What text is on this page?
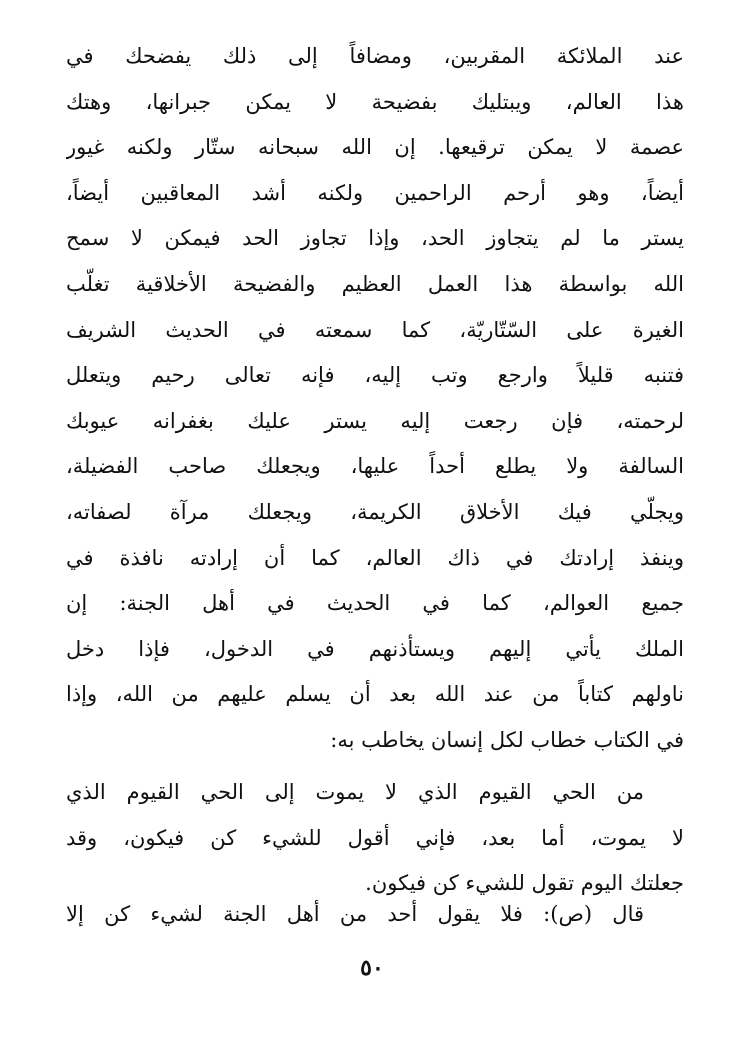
عند الملائكة المقربين، ومضافاً إلى ذلك يفضحك في
هذا العالم، ويبتليك بفضيحة لا يمكن جبرانها، وهتك
عصمة لا يمكن ترقيعها. إن الله سبحانه ستّار ولكنه غيور
أيضاً، وهو أرحم الراحمين ولكنه أشد المعاقبين أيضاً،
يستر ما لم يتجاوز الحد، وإذا تجاوز الحد فيمكن لا سمح
الله بواسطة هذا العمل العظيم والفضيحة الأخلاقية تغلّب
الغيرة على السّتّاريّة، كما سمعته في الحديث الشريف
فتنبه قليلاً وارجع وتب إليه، فإنه تعالى رحيم ويتعلل
لرحمته، فإن رجعت إليه يستر عليك بغفرانه عيوبك
السالفة ولا يطلع أحداً عليها، ويجعلك صاحب الفضيلة،
ويجلّي فيك الأخلاق الكريمة، ويجعلك مرآة لصفاته،
وينفذ إرادتك في ذاك العالم، كما أن إرادته نافذة في
جميع العوالم، كما في الحديث في أهل الجنة: إن
الملك يأتي إليهم ويستأذنهم في الدخول، فإذا دخل
ناولهم كتاباً من عند الله بعد أن يسلم عليهم من الله، وإذا
في الكتاب خطاب لكل إنسان يخاطب به:
من الحي القيوم الذي لا يموت إلى الحي القيوم الذي
لا يموت، أما بعد، فإني أقول للشيء كن فيكون، وقد
جعلتك اليوم تقول للشيء كن فيكون.
قال (ص): فلا يقول أحد من أهل الجنة لشيء كن إلا
٥٠
